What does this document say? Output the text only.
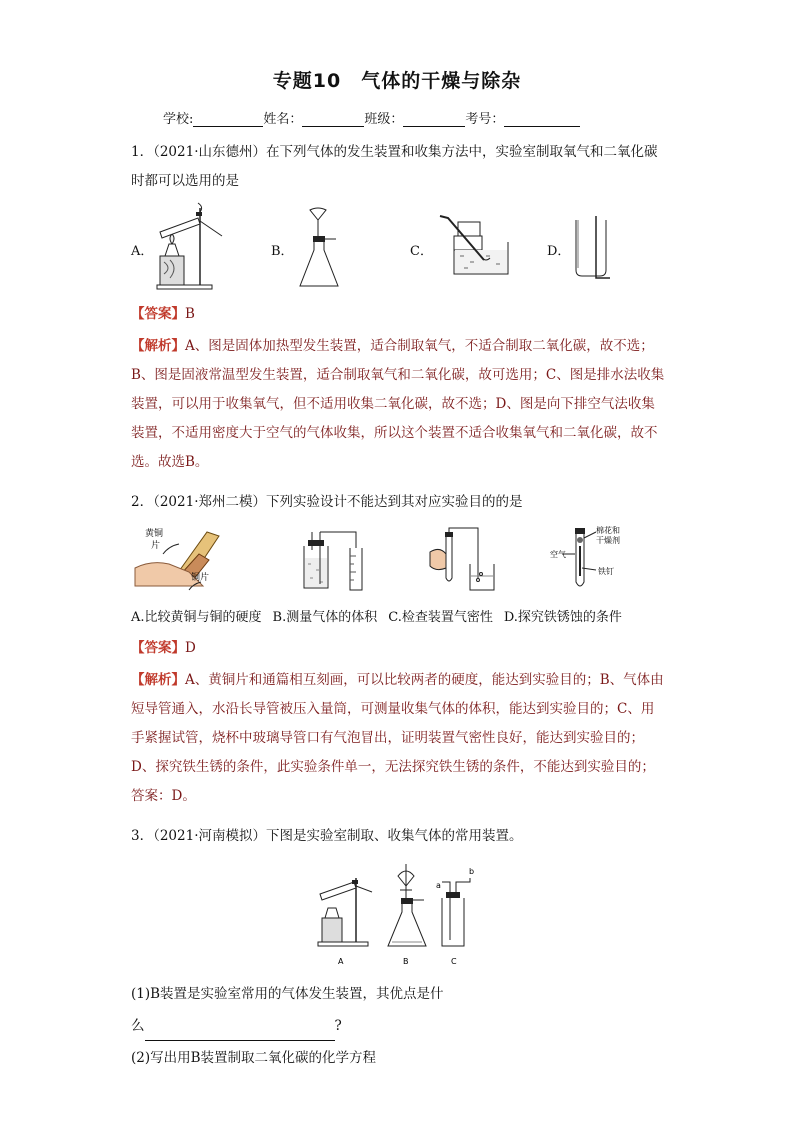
专题10　气体的干燥与除杂
学校:	姓名：	班级：	考号：
1．（2021·山东德州）在下列气体的发生装置和收集方法中，实验室制取氧气和二氧化碳时都可以选用的是
A．	B．	C．	D．
【答案】B
【解析】A、图是固体加热型发生装置，适合制取氧气，不适合制取二氧化碳，故不选；B、图是固液常温型发生装置，适合制取氧气和二氧化碳，故可选用；C、图是排水法收集装置，可以用于收集氧气，但不适用收集二氧化碳，故不选；D、图是向下排空气法收集装置，不适用密度大于空气的气体收集，所以这个装置不适合收集氧气和二氧化碳，故不选。故选B。
2．（2021·郑州二模）下列实验设计不能达到其对应实验目的的是
黄铜
片
铜片
棉花和
干燥剂
空气
铁钉
A.比较黄铜与铜的硬度 B.测量气体的体积 C.检查装置气密性 D.探究铁锈蚀的条件
【答案】D
【解析】A、黄铜片和通篇相互刻画，可以比较两者的硬度，能达到实验目的；B、气体由短导管通入，水沿长导管被压入量筒，可测量收集气体的体积，能达到实验目的；C、用手紧握试管，烧杯中玻璃导管口有气泡冒出，证明装置气密性良好，能达到实验目的；D、探究铁生锈的条件，此实验条件单一，无法探究铁生锈的条件，不能达到实验目的；答案：D。
3．（2021·河南模拟）下图是实验室制取、收集气体的常用装置。
A	B	C
a
b
(1)B装置是实验室常用的气体发生装置，其优点是什
么	?
(2)写出用B装置制取二氧化碳的化学方程
